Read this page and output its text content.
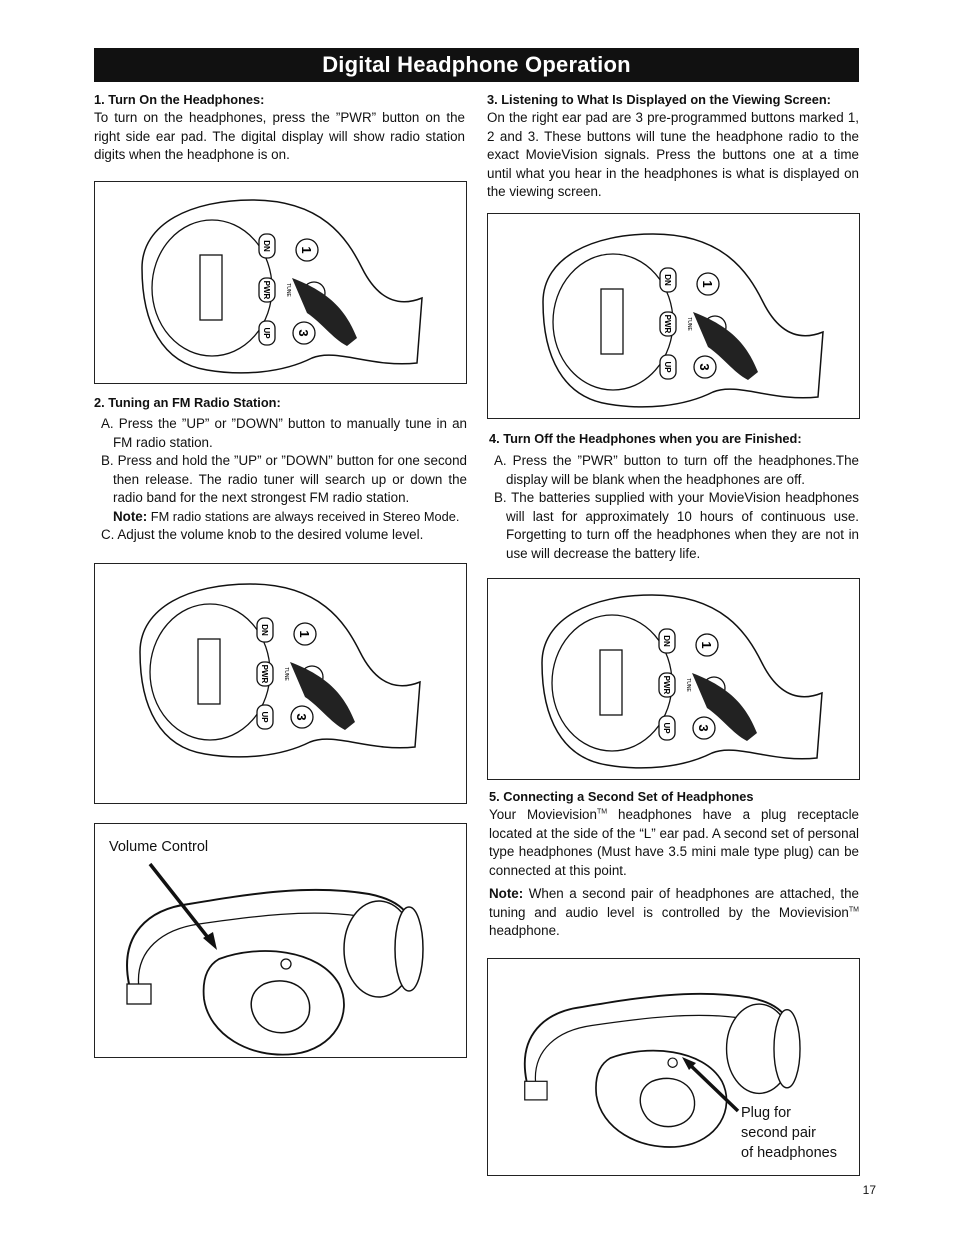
Digital Headphone Operation
1. Turn On the Headphones:

To turn on the headphones, press the ”PWR” button on the right side ear pad. The digital display will show radio station digits when the headphone is on.

DN
PWR
UP
1
3
TUNE
2. Tuning an FM Radio Station:

A. Press the ”UP” or ”DOWN” button to manually tune in an FM radio station.

B. Press and hold the ”UP” or ”DOWN” button for one second then release. The radio tuner will search up or down the radio band for the next strongest FM radio station.

Note: FM radio stations are always received in Stereo Mode.

C. Adjust the volume knob to the desired volume level.

DN
PWR
UP
1
3
TUNE
Volume Control
3. Listening to What Is Displayed on the Viewing Screen:

On the right ear pad are 3 pre-programmed buttons marked 1, 2 and 3. These buttons will tune the headphone radio to the exact MovieVision signals. Press the buttons one at a time until what you hear in the headphones is what is displayed on the viewing screen.

DN
PWR
UP
1
3
TUNE
4. Turn Off the Headphones when you are Finished:

A. Press the ”PWR” button to turn off the headphones.The display will be blank when the headphones are off.

B. The batteries supplied with your MovieVision headphones will last for approximately 10 hours of continuous use. Forgetting to turn off the headphones when they are not in use will decrease the battery life.

DN
PWR
UP
1
3
TUNE
5. Connecting a Second Set of Headphones

Your Movievision™ headphones have a plug receptacle located at the side of the “L” ear pad. A second set of personal type headphones (Must have 3.5 mini male type plug) can be connected at this point.

Note: When a second pair of headphones are attached, the tuning and audio level is controlled by the Movievision™ headphone.

Plug for
second pair
of headphones
17
